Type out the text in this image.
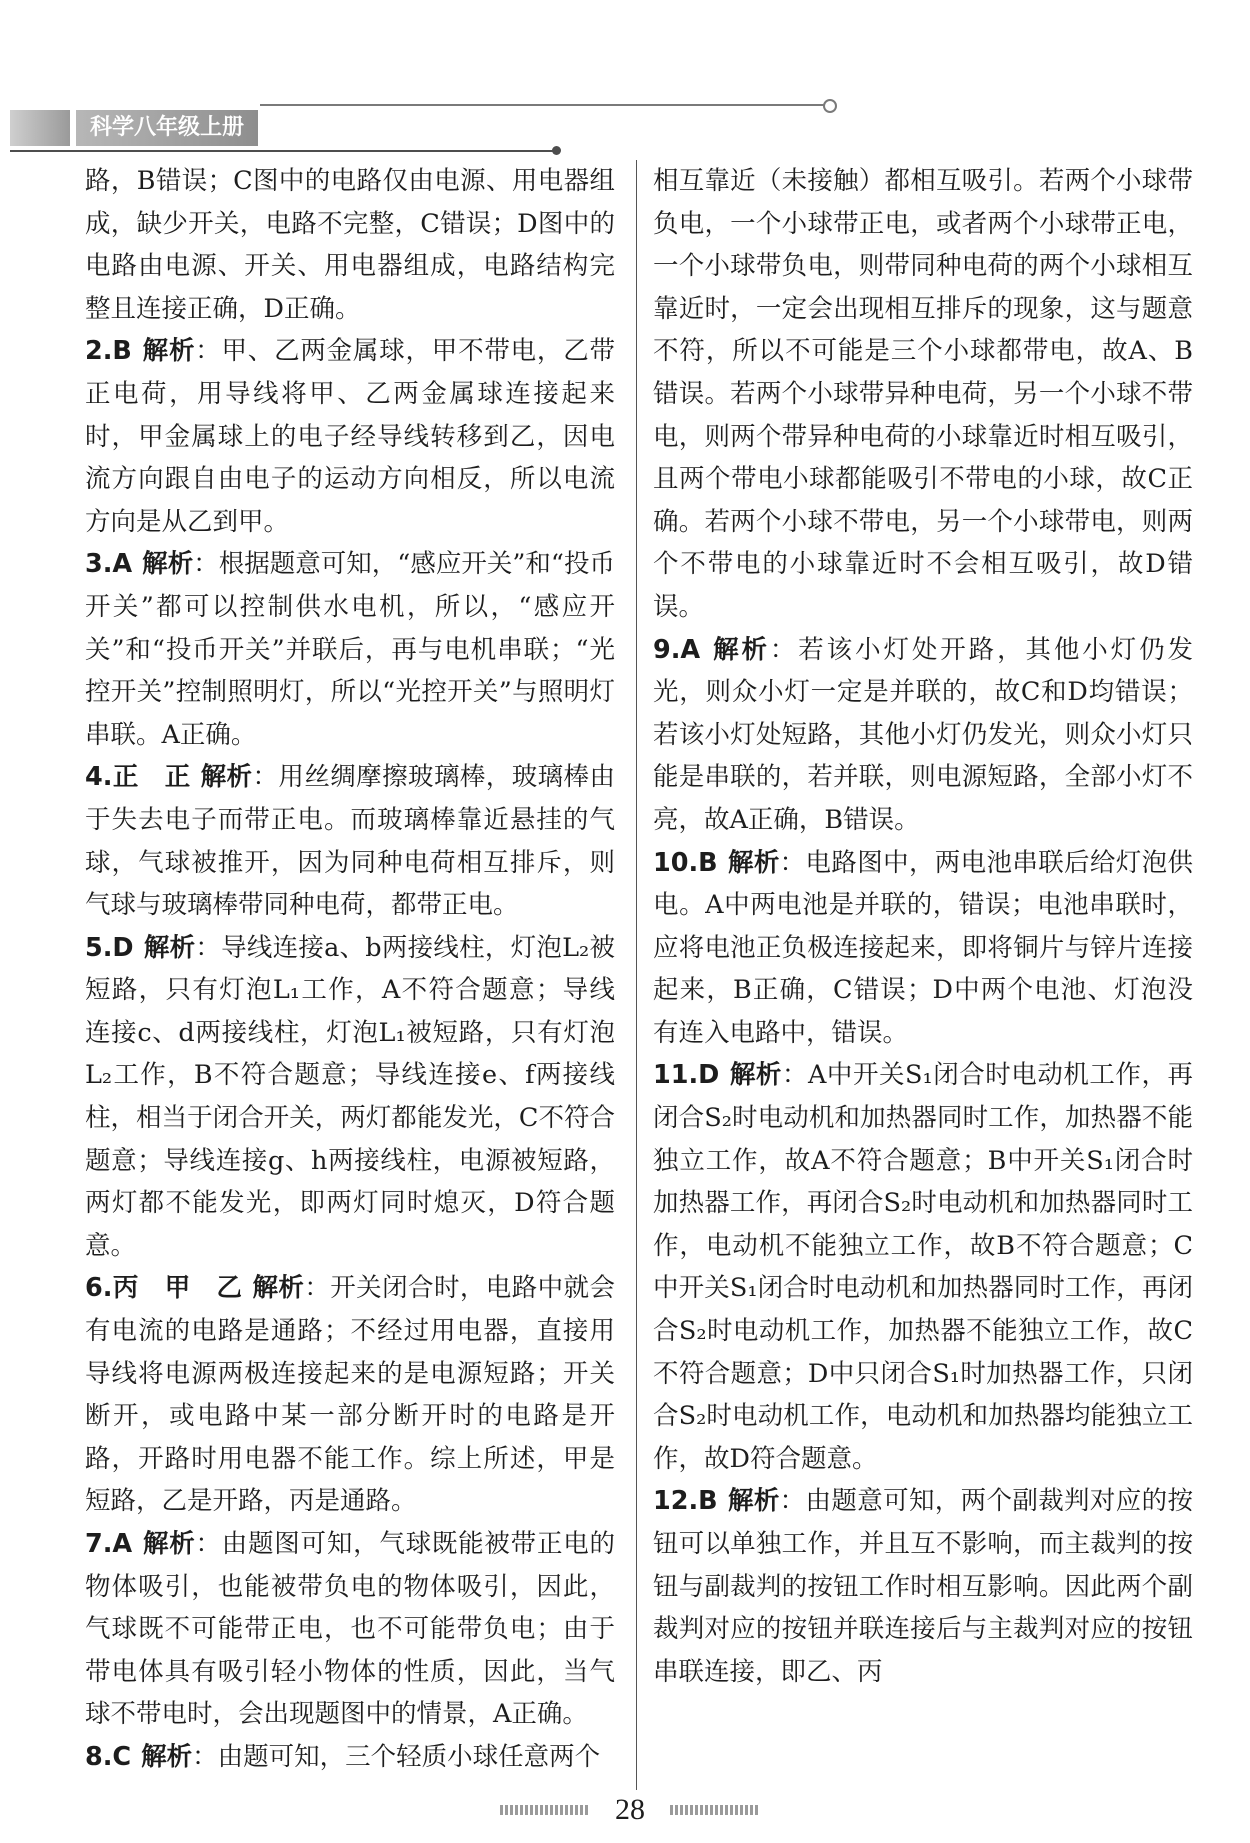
科学八年级上册

路，B错误；C图中的电路仅由电源、用电器组成，缺少开关，电路不完整，C错误；D图中的电路由电源、开关、用电器组成，电路结构完整且连接正确，D正确。

2.B 解析：甲、乙两金属球，甲不带电，乙带正电荷，用导线将甲、乙两金属球连接起来时，甲金属球上的电子经导线转移到乙，因电流方向跟自由电子的运动方向相反，所以电流方向是从乙到甲。

3.A 解析：根据题意可知，“感应开关”和“投币开关”都可以控制供水电机，所以，“感应开关”和“投币开关”并联后，再与电机串联；“光控开关”控制照明灯，所以“光控开关”与照明灯串联。A正确。

4.正　正 解析：用丝绸摩擦玻璃棒，玻璃棒由于失去电子而带正电。而玻璃棒靠近悬挂的气球，气球被推开，因为同种电荷相互排斥，则气球与玻璃棒带同种电荷，都带正电。

5.D 解析：导线连接a、b两接线柱，灯泡L₂被短路，只有灯泡L₁工作，A不符合题意；导线连接c、d两接线柱，灯泡L₁被短路，只有灯泡L₂工作，B不符合题意；导线连接e、f两接线柱，相当于闭合开关，两灯都能发光，C不符合题意；导线连接g、h两接线柱，电源被短路，两灯都不能发光，即两灯同时熄灭，D符合题意。

6.丙　甲　乙 解析：开关闭合时，电路中就会有电流的电路是通路；不经过用电器，直接用导线将电源两极连接起来的是电源短路；开关断开，或电路中某一部分断开时的电路是开路，开路时用电器不能工作。综上所述，甲是短路，乙是开路，丙是通路。

7.A 解析：由题图可知，气球既能被带正电的物体吸引，也能被带负电的物体吸引，因此，气球既不可能带正电，也不可能带负电；由于带电体具有吸引轻小物体的性质，因此，当气球不带电时，会出现题图中的情景，A正确。

8.C 解析：由题可知，三个轻质小球任意两个

相互靠近（未接触）都相互吸引。若两个小球带负电，一个小球带正电，或者两个小球带正电，一个小球带负电，则带同种电荷的两个小球相互靠近时，一定会出现相互排斥的现象，这与题意不符，所以不可能是三个小球都带电，故A、B错误。若两个小球带异种电荷，另一个小球不带电，则两个带异种电荷的小球靠近时相互吸引，且两个带电小球都能吸引不带电的小球，故C正确。若两个小球不带电，另一个小球带电，则两个不带电的小球靠近时不会相互吸引，故D错误。

9.A 解析：若该小灯处开路，其他小灯仍发光，则众小灯一定是并联的，故C和D均错误；若该小灯处短路，其他小灯仍发光，则众小灯只能是串联的，若并联，则电源短路，全部小灯不亮，故A正确，B错误。

10.B 解析：电路图中，两电池串联后给灯泡供电。A中两电池是并联的，错误；电池串联时，应将电池正负极连接起来，即将铜片与锌片连接起来，B正确，C错误；D中两个电池、灯泡没有连入电路中，错误。

11.D 解析：A中开关S₁闭合时电动机工作，再闭合S₂时电动机和加热器同时工作，加热器不能独立工作，故A不符合题意；B中开关S₁闭合时加热器工作，再闭合S₂时电动机和加热器同时工作，电动机不能独立工作，故B不符合题意；C中开关S₁闭合时电动机和加热器同时工作，再闭合S₂时电动机工作，加热器不能独立工作，故C不符合题意；D中只闭合S₁时加热器工作，只闭合S₂时电动机工作，电动机和加热器均能独立工作，故D符合题意。

12.B 解析：由题意可知，两个副裁判对应的按钮可以单独工作，并且互不影响，而主裁判的按钮与副裁判的按钮工作时相互影响。因此两个副裁判对应的按钮并联连接后与主裁判对应的按钮串联连接，即乙、丙

28
